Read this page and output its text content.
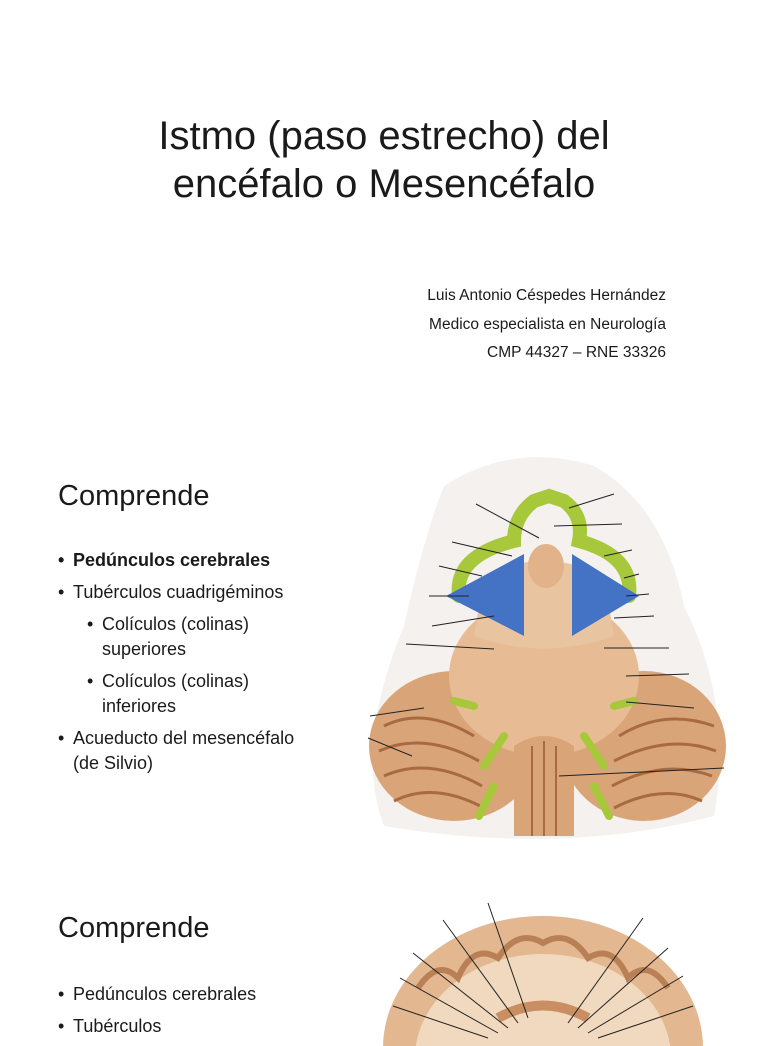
Istmo (paso estrecho) del
encéfalo o Mesencéfalo
Luis Antonio Céspedes Hernández
Medico especialista en Neurología
CMP 44327 – RNE 33326
Comprende
• Pedúnculos cerebrales
• Tubérculos cuadrigéminos
• Colículos (colinas) superiores
• Colículos (colinas) inferiores
• Acueducto del mesencéfalo (de Silvio)
Comprende
• Pedúnculos cerebrales
• Tubérculos
